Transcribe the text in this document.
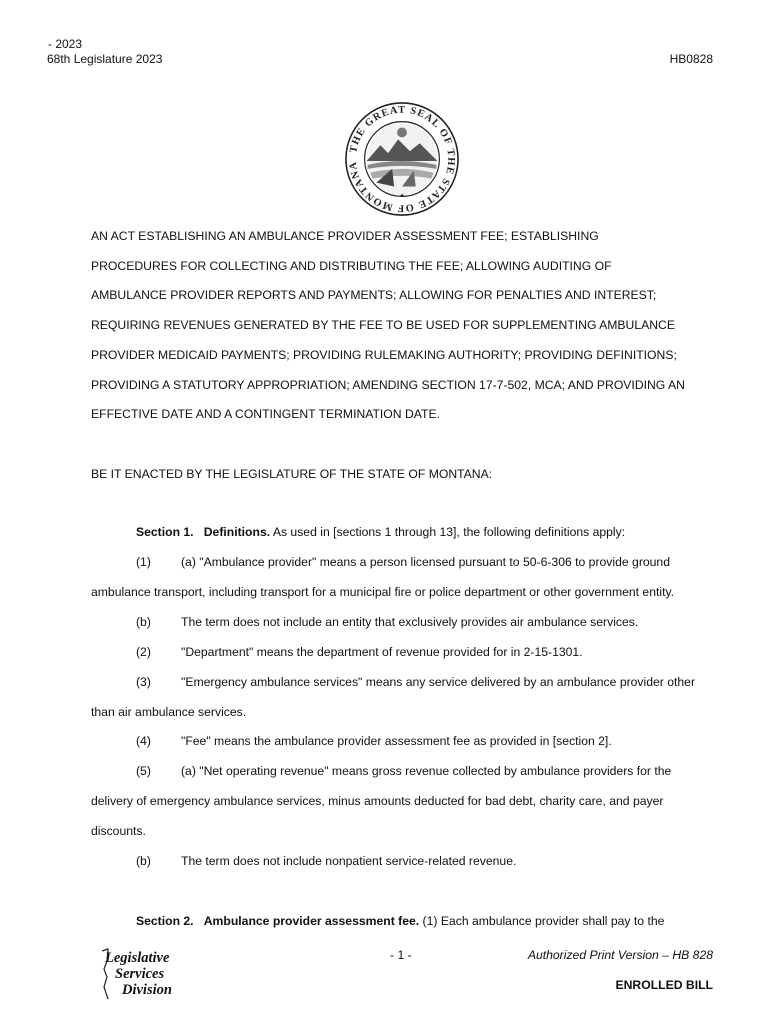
- 2023
68th Legislature 2023	HB0828
THE GREAT SEAL OF THE STATE OF MONTANA
✦
AN ACT ESTABLISHING AN AMBULANCE PROVIDER ASSESSMENT FEE; ESTABLISHING
PROCEDURES FOR COLLECTING AND DISTRIBUTING THE FEE; ALLOWING AUDITING OF
AMBULANCE PROVIDER REPORTS AND PAYMENTS; ALLOWING FOR PENALTIES AND INTEREST;
REQUIRING REVENUES GENERATED BY THE FEE TO BE USED FOR SUPPLEMENTING AMBULANCE
PROVIDER MEDICAID PAYMENTS; PROVIDING RULEMAKING AUTHORITY; PROVIDING DEFINITIONS;
PROVIDING A STATUTORY APPROPRIATION; AMENDING SECTION 17-7-502, MCA; AND PROVIDING AN
EFFECTIVE DATE AND A CONTINGENT TERMINATION DATE.
BE IT ENACTED BY THE LEGISLATURE OF THE STATE OF MONTANA:
Section 1. Definitions. As used in [sections 1 through 13], the following definitions apply:
(1) (a) "Ambulance provider" means a person licensed pursuant to 50-6-306 to provide ground
ambulance transport, including transport for a municipal fire or police department or other government entity.
(b) The term does not include an entity that exclusively provides air ambulance services.
(2) "Department" means the department of revenue provided for in 2-15-1301.
(3) "Emergency ambulance services" means any service delivered by an ambulance provider other
than air ambulance services.
(4) "Fee" means the ambulance provider assessment fee as provided in [section 2].
(5) (a) "Net operating revenue" means gross revenue collected by ambulance providers for the
delivery of emergency ambulance services, minus amounts deducted for bad debt, charity care, and payer
discounts.
(b) The term does not include nonpatient service-related revenue.
Section 2. Ambulance provider assessment fee. (1) Each ambulance provider shall pay to the
Legislative
Services
Division
- 1 -	Authorized Print Version – HB 828
ENROLLED BILL
